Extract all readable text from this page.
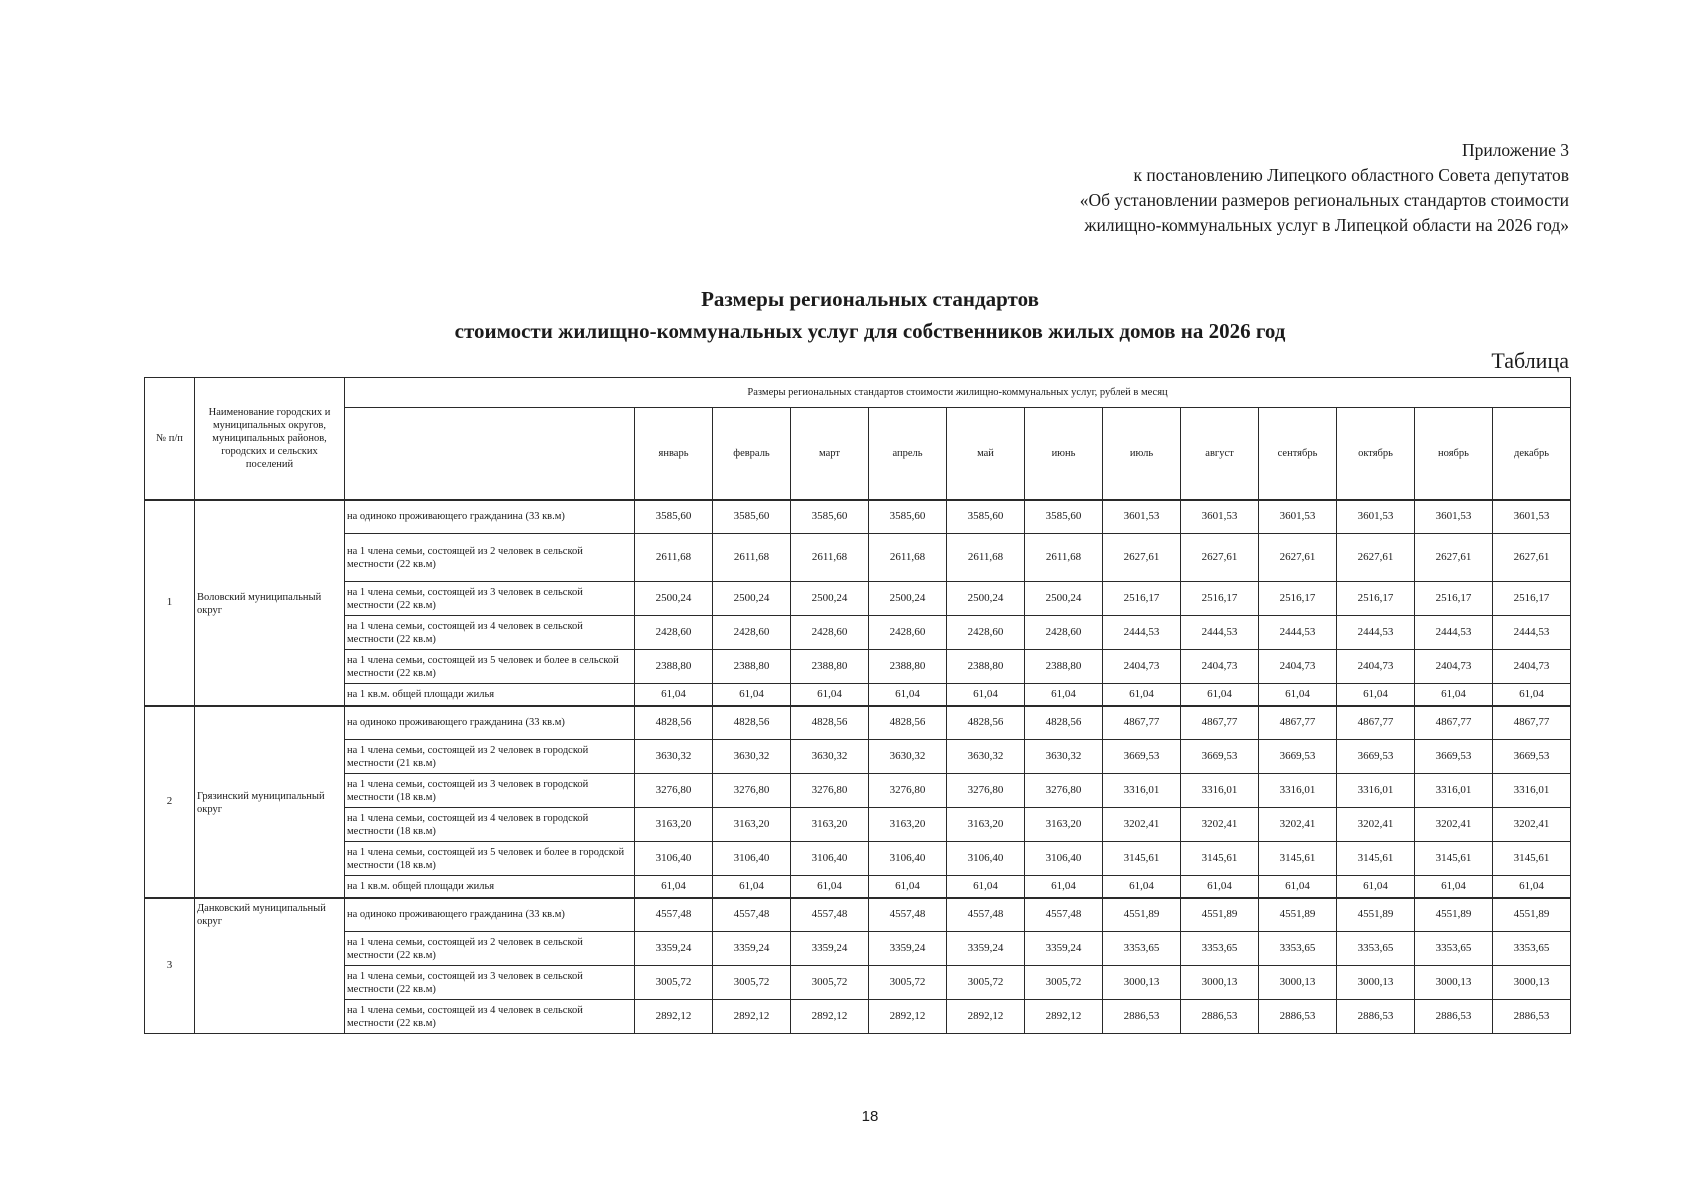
Приложение 3
к постановлению Липецкого областного Совета депутатов
«Об установлении размеров региональных стандартов стоимости
жилищно-коммунальных услуг в Липецкой области на 2026 год»
Размеры региональных стандартов
стоимости жилищно-коммунальных услуг для собственников жилых домов на 2026 год
Таблица
№ п/п	Наименование городских и муниципальных округов, муниципальных районов, городских и сельских поселений	Размеры региональных стандартов стоимости жилищно-коммунальных услуг, рублей в месяц												
			январь	февраль	март	апрель	май	июнь	июль	август	сентябрь	октябрь	ноябрь	декабрь
1	Воловский муниципальный округ	на одиноко проживающего гражданина (33 кв.м)	3585,60	3585,60	3585,60	3585,60	3585,60	3585,60	3601,53	3601,53	3601,53	3601,53	3601,53	3601,53
		на 1 члена семьи, состоящей из 2 человек в сельской местности (22 кв.м)	2611,68	2611,68	2611,68	2611,68	2611,68	2611,68	2627,61	2627,61	2627,61	2627,61	2627,61	2627,61
		на 1 члена семьи, состоящей из 3 человек в сельской местности (22 кв.м)	2500,24	2500,24	2500,24	2500,24	2500,24	2500,24	2516,17	2516,17	2516,17	2516,17	2516,17	2516,17
		на 1 члена семьи, состоящей из 4 человек в сельской местности (22 кв.м)	2428,60	2428,60	2428,60	2428,60	2428,60	2428,60	2444,53	2444,53	2444,53	2444,53	2444,53	2444,53
		на 1 члена семьи, состоящей из 5 человек и более в сельской местности (22 кв.м)	2388,80	2388,80	2388,80	2388,80	2388,80	2388,80	2404,73	2404,73	2404,73	2404,73	2404,73	2404,73
		на 1 кв.м. общей площади жилья	61,04	61,04	61,04	61,04	61,04	61,04	61,04	61,04	61,04	61,04	61,04	61,04
2	Грязинский муниципальный округ	на одиноко проживающего гражданина (33 кв.м)	4828,56	4828,56	4828,56	4828,56	4828,56	4828,56	4867,77	4867,77	4867,77	4867,77	4867,77	4867,77
		на 1 члена семьи, состоящей из 2 человек в городской местности (21 кв.м)	3630,32	3630,32	3630,32	3630,32	3630,32	3630,32	3669,53	3669,53	3669,53	3669,53	3669,53	3669,53
		на 1 члена семьи, состоящей из 3 человек в городской местности (18 кв.м)	3276,80	3276,80	3276,80	3276,80	3276,80	3276,80	3316,01	3316,01	3316,01	3316,01	3316,01	3316,01
		на 1 члена семьи, состоящей из 4 человек в городской местности (18 кв.м)	3163,20	3163,20	3163,20	3163,20	3163,20	3163,20	3202,41	3202,41	3202,41	3202,41	3202,41	3202,41
		на 1 члена семьи, состоящей из 5 человек и более в городской местности (18 кв.м)	3106,40	3106,40	3106,40	3106,40	3106,40	3106,40	3145,61	3145,61	3145,61	3145,61	3145,61	3145,61
		на 1 кв.м. общей площади жилья	61,04	61,04	61,04	61,04	61,04	61,04	61,04	61,04	61,04	61,04	61,04	61,04
3	Данковский муниципальный округ	на одиноко проживающего гражданина (33 кв.м)	4557,48	4557,48	4557,48	4557,48	4557,48	4557,48	4551,89	4551,89	4551,89	4551,89	4551,89	4551,89
		на 1 члена семьи, состоящей из 2 человек в сельской местности (22 кв.м)	3359,24	3359,24	3359,24	3359,24	3359,24	3359,24	3353,65	3353,65	3353,65	3353,65	3353,65	3353,65
		на 1 члена семьи, состоящей из 3 человек в сельской местности (22 кв.м)	3005,72	3005,72	3005,72	3005,72	3005,72	3005,72	3000,13	3000,13	3000,13	3000,13	3000,13	3000,13
		на 1 члена семьи, состоящей из 4 человек в сельской местности (22 кв.м)	2892,12	2892,12	2892,12	2892,12	2892,12	2892,12	2886,53	2886,53	2886,53	2886,53	2886,53	2886,53
18
